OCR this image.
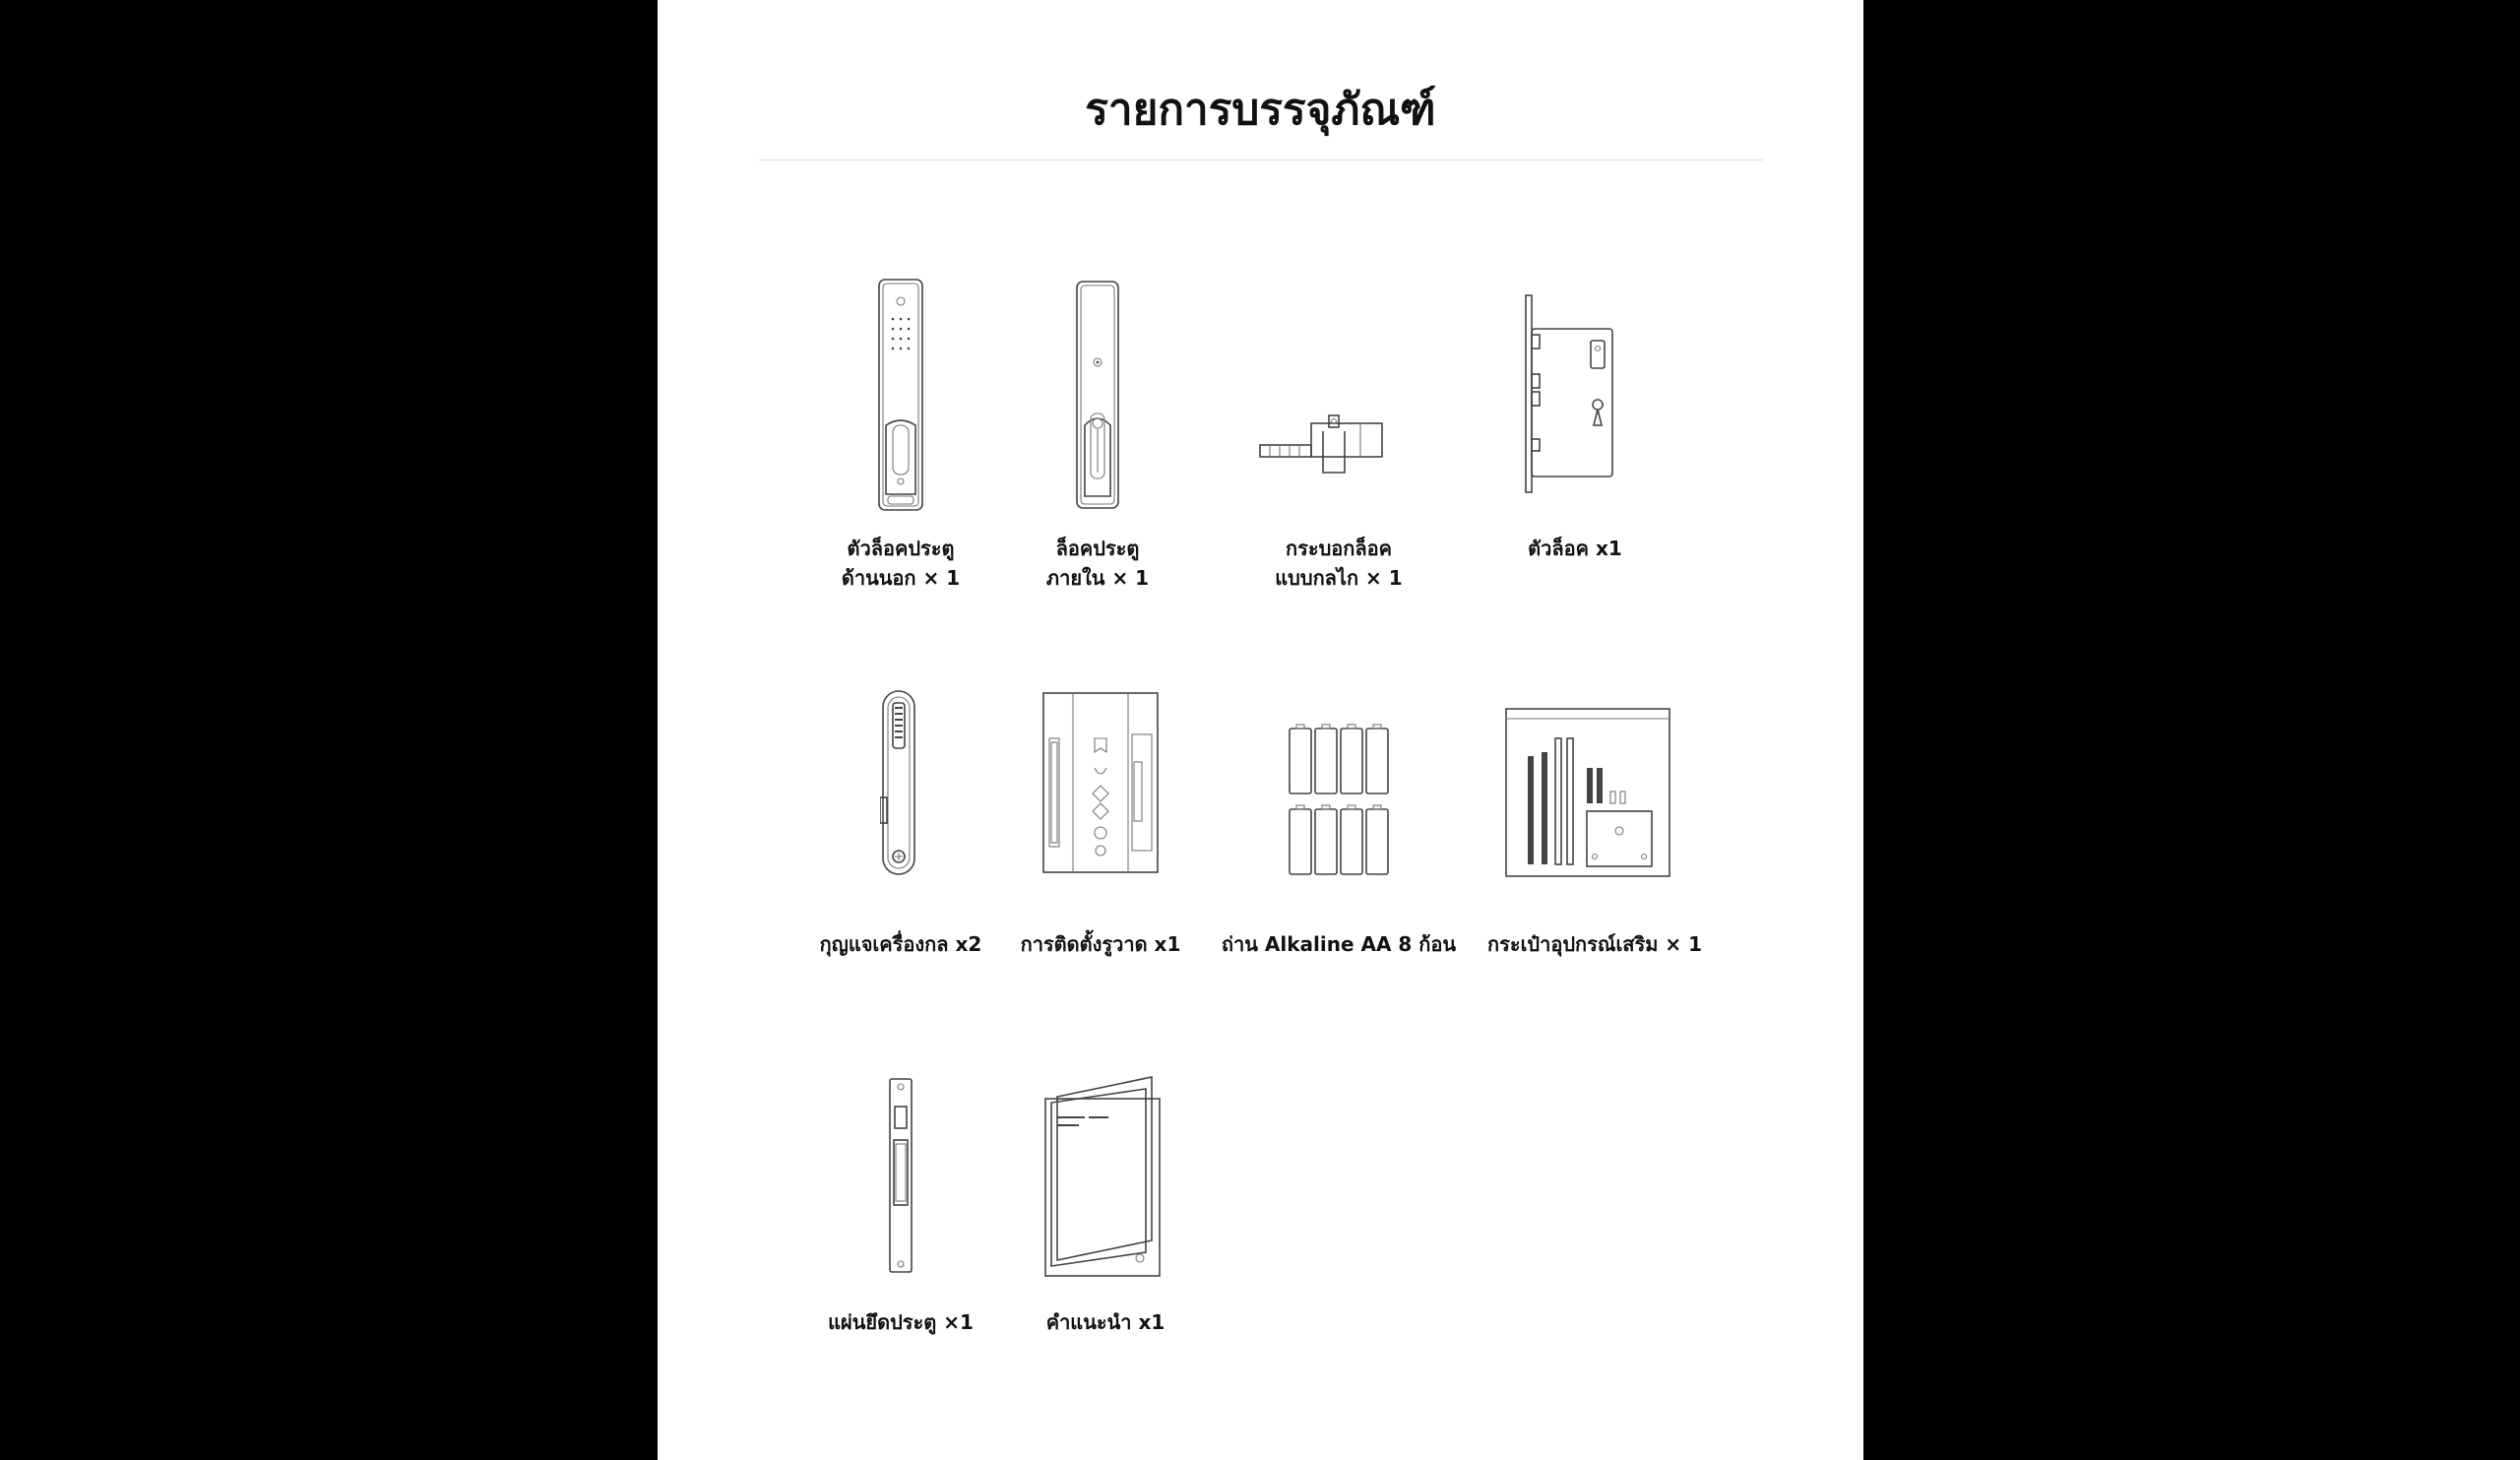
รายการบรรจุภัณฑ์
ตัวล็อคประตู
ด้านนอก × 1
ล็อคประตู
ภายใน × 1
กระบอกล็อค
แบบกลไก × 1
ตัวล็อค x1
กุญแจเครื่องกล x2	การติดตั้งรูวาด x1	ถ่าน Alkaline AA 8 ก้อน	กระเป๋าอุปกรณ์เสริม × 1
แผ่นยึดประตู ×1	คำแนะนำ x1
